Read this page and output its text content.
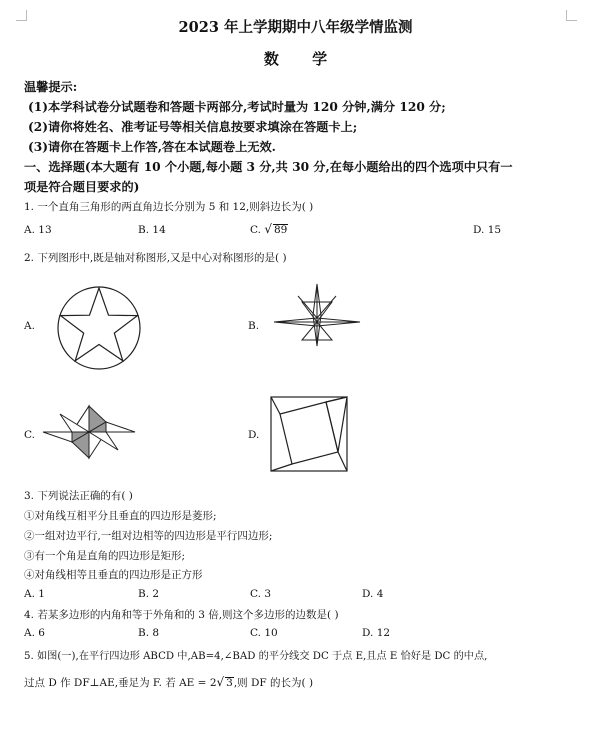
2023 年上学期期中八年级学情监测
数 学
温馨提示:
(1)本学科试卷分试题卷和答题卡两部分,考试时量为 120 分钟,满分 120 分;
(2)请你将姓名、准考证号等相关信息按要求填涂在答题卡上;
(3)请你在答题卡上作答,答在本试题卷上无效.
一、选择题(本大题有 10 个小题,每小题 3 分,共 30 分,在每小题给出的四个选项中只有一
项是符合题目要求的)
1. 一个直角三角形的两直角边长分别为 5 和 12,则斜边长为( )
A. 13	B. 14	C. √ 89	D. 15
2. 下列图形中,既是轴对称图形,又是中心对称图形的是( )
A.	B.
C.	D.
3. 下列说法正确的有( )
①对角线互相平分且垂直的四边形是菱形;
②一组对边平行,一组对边相等的四边形是平行四边形;
③有一个角是直角的四边形是矩形;
④对角线相等且垂直的四边形是正方形
A. 1	B. 2	C. 3	D. 4
4. 若某多边形的内角和等于外角和的 3 倍,则这个多边形的边数是( )
A. 6	B. 8	C. 10	D. 12
5. 如图(一),在平行四边形 ABCD 中,AB=4,∠BAD 的平分线交 DC 于点 E,且点 E 恰好是 DC 的中点,
过点 D 作 DF⊥AE,垂足为 F. 若 AE = 2√ 3,则 DF 的长为( )
